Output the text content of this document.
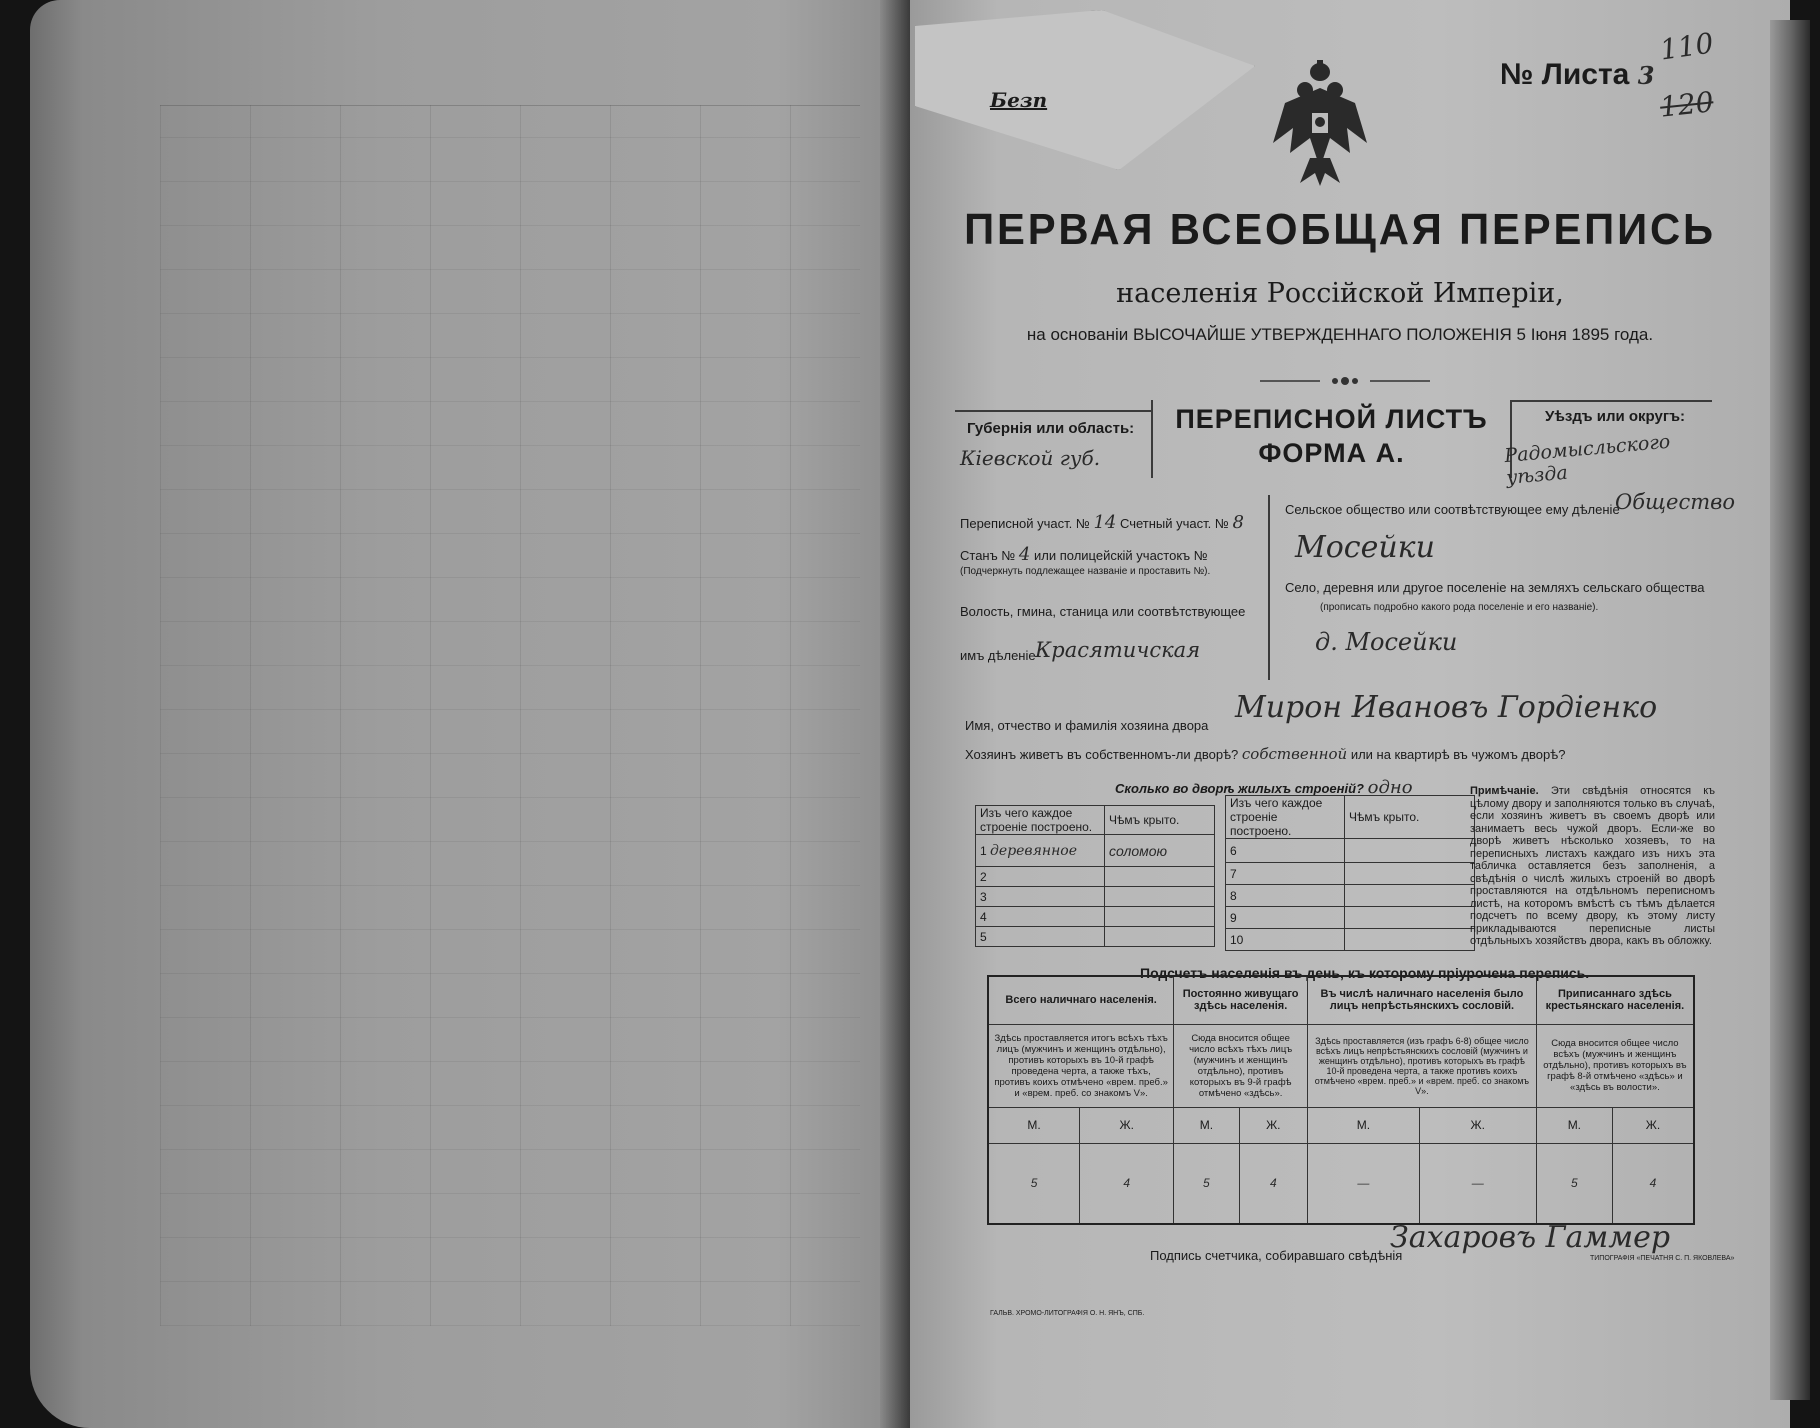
Безп
№ Листа 3
110
120
ПЕРВАЯ ВСЕОБЩАЯ ПЕРЕПИСЬ
населенія Россійской Имперіи,
на основаніи ВЫСОЧАЙШЕ УТВЕРЖДЕННАГО ПОЛОЖЕНІЯ 5 Іюня 1895 года.
Губернія или область:
Кіевской губ.
ПЕРЕПИСНОЙ ЛИСТЪ
ФОРМА А.
Уѣздъ или округъ:
Радомысльского уѣзда
Переписной участ. № 14 Счетный участ. № 8
Станъ № 4 или полицейскій участокъ №
(Подчеркнуть подлежащее названіе и проставить №).
Волость, гмина, станица или соотвѣтствующее
имъ дѣленіе Красятичская
Сельское общество или соотвѣтствующее ему дѣленіе
Общество
Мосейки
Село, деревня или другое поселеніе на земляхъ сельскаго общества
(прописать подробно какого рода поселеніе и его названіе).
д. Мосейки
Имя, отчество и фамилія хозяина двора
Мирон Ивановъ Гордіенко
Хозяинъ живетъ въ собственномъ-ли дворѣ? собственной или на квартирѣ въ чужомъ дворѣ?
Сколько во дворѣ жилыхъ строеній? одно
Изъ чего каждое строеніе построено.	Чѣмъ крыто.
1 деревянное	соломою
2	
3	
4	
5	
Изъ чего каждое строеніе построено.	Чѣмъ крыто.
6	
7	
8	
9	
10	
Примѣчаніе. Эти свѣдѣнія относятся къ цѣлому двору и заполняются только въ случаѣ, если хозяинъ живетъ въ своемъ дворѣ или занимаетъ весь чужой дворъ. Если-же во дворѣ живетъ нѣсколько хозяевъ, то на переписныхъ листахъ каждаго изъ нихъ эта табличка оставляется безъ заполненія, а свѣдѣнія о числѣ жилыхъ строеній во дворѣ проставляются на отдѣльномъ переписномъ листѣ, на которомъ вмѣстѣ съ тѣмъ дѣлается подсчетъ по всему двору, къ этому листу прикладываются переписные листы отдѣльныхъ хозяйствъ двора, какъ въ обложку.
Подсчетъ населенія въ день, къ которому пріурочена перепись.
Всего наличнаго населенія.		Постоянно живущаго здѣсь населенія.		Въ числѣ наличнаго населенія было лицъ непрѣстьянскихъ сословій.		Приписаннаго здѣсь крестьянскаго населенія.	
Здѣсь проставляется итогъ всѣхъ тѣхъ лицъ (мужчинъ и женщинъ отдѣльно), противъ которыхъ въ 10-й графѣ проведена черта, а также тѣхъ, противъ коихъ отмѣчено «врем. преб.» и «врем. преб. со знакомъ V».		Сюда вносится общее число всѣхъ тѣхъ лицъ (мужчинъ и женщинъ отдѣльно), противъ которыхъ въ 9-й графѣ отмѣчено «здѣсь».		Здѣсь проставляется (изъ графъ 6-8) общее число всѣхъ лицъ непрѣстьянскихъ сословій (мужчинъ и женщинъ отдѣльно), противъ которыхъ въ графѣ 10-й проведена черта, а также противъ коихъ отмѣчено «врем. преб.» и «врем. преб. со знакомъ V».		Сюда вносится общее число всѣхъ (мужчинъ и женщинъ отдѣльно), противъ которыхъ въ графѣ 8-й отмѣчено «здѣсь» и «здѣсь въ волости».	
М.	Ж.	М.	Ж.	М.	Ж.	М.	Ж.
5	4	5	4	—	—	5	4
Подпись счетчика, собиравшаго свѣдѣнія
Захаровъ Гаммер
ГАЛЬВ. ХРОМО-ЛИТОГРАФІЯ О. Н. ЯНЪ, СПБ.
ТИПОГРАФІЯ «ПЕЧАТНЯ С. П. ЯКОВЛЕВА»
